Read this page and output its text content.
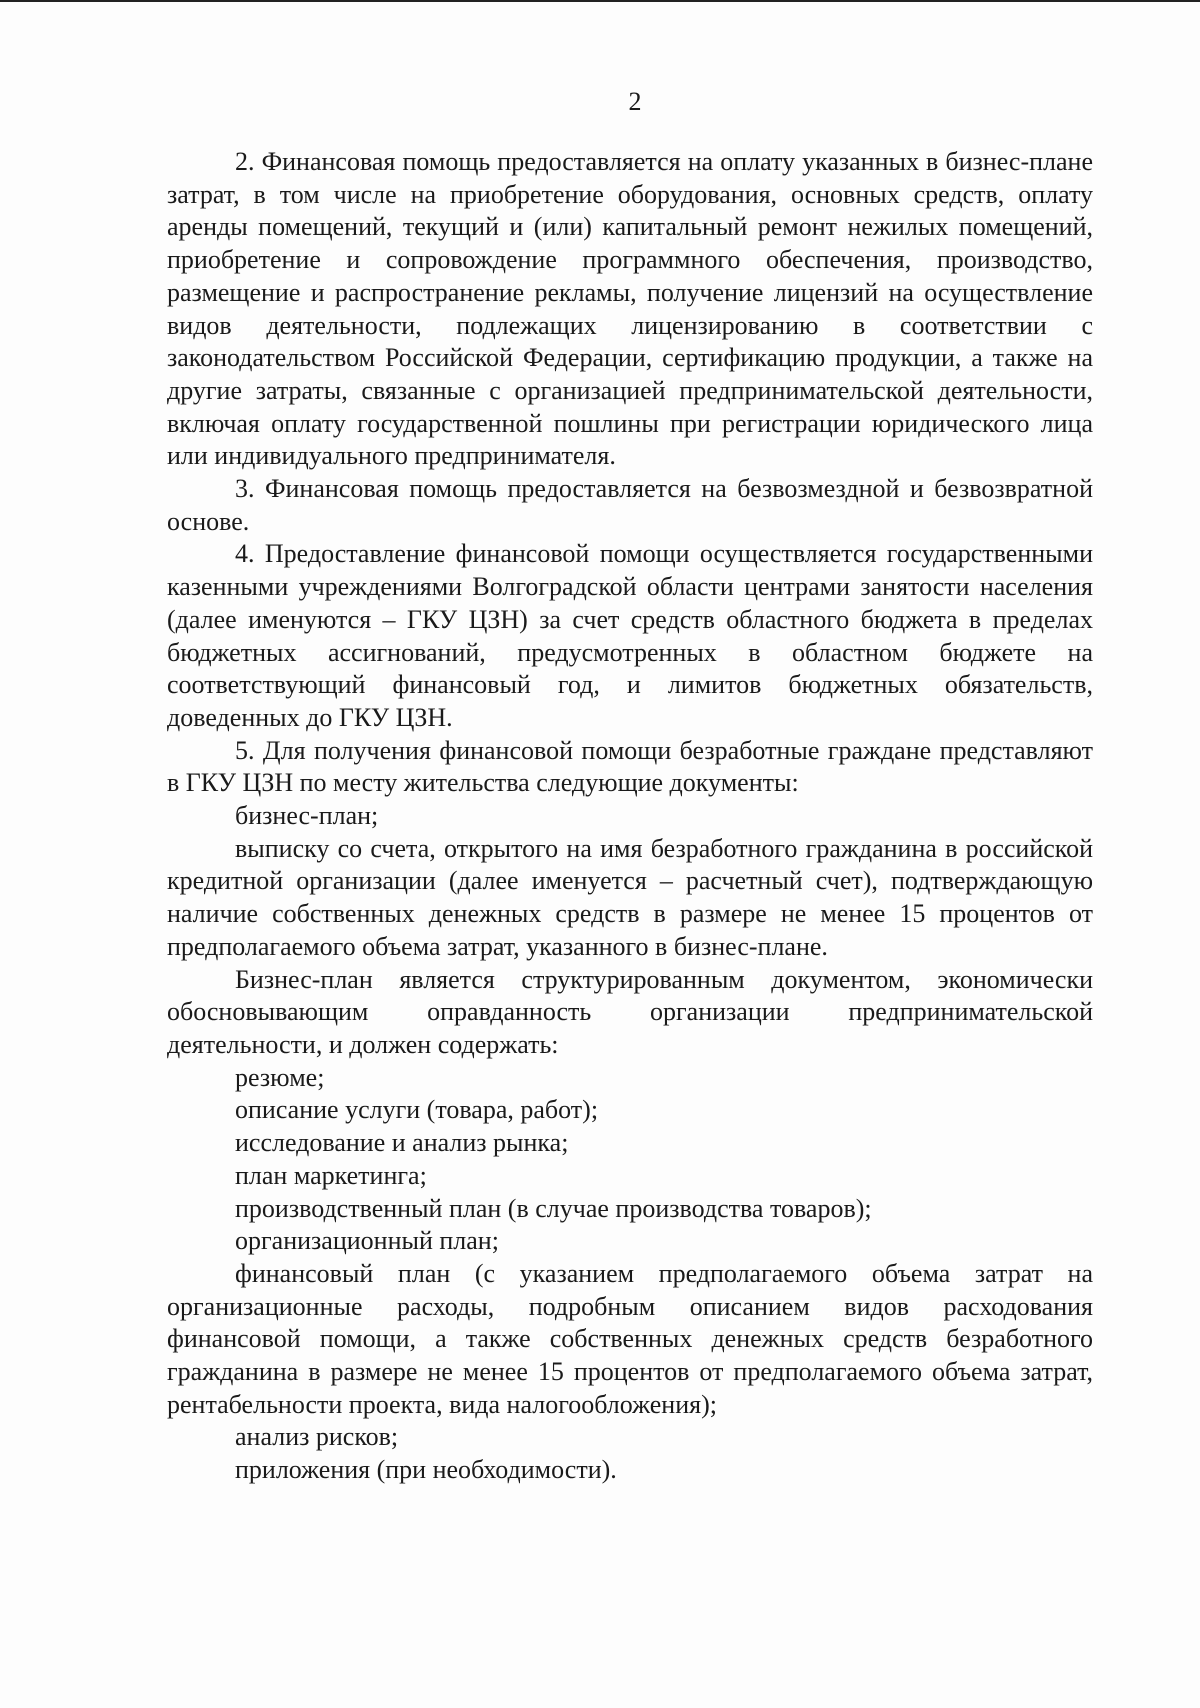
2

2. Финансовая помощь предоставляется на оплату указанных в бизнес-плане затрат, в том числе на приобретение оборудования, основных средств, оплату аренды помещений, текущий и (или) капитальный ремонт нежилых помещений, приобретение и сопровождение программного обеспечения, производство, размещение и распространение рекламы, получение лицензий на осуществление видов деятельности, подлежащих лицензированию в соответствии с законодательством Российской Федерации, сертификацию продукции, а также на другие затраты, связанные с организацией предпринимательской деятельности, включая оплату государственной пошлины при регистрации юридического лица или индивидуального предпринимателя.

3. Финансовая помощь предоставляется на безвозмездной и безвозвратной основе.

4. Предоставление финансовой помощи осуществляется государственными казенными учреждениями Волгоградской области центрами занятости населения (далее именуются – ГКУ ЦЗН) за счет средств областного бюджета в пределах бюджетных ассигнований, предусмотренных в областном бюджете на соответствующий финансовый год, и лимитов бюджетных обязательств, доведенных до ГКУ ЦЗН.

5. Для получения финансовой помощи безработные граждане представляют в ГКУ ЦЗН по месту жительства следующие документы:

бизнес-план;

выписку со счета, открытого на имя безработного гражданина в российской кредитной организации (далее именуется – расчетный счет), подтверждающую наличие собственных денежных средств в размере не менее 15 процентов от предполагаемого объема затрат, указанного в бизнес-плане.

Бизнес-план является структурированным документом, экономически обосновывающим оправданность организации предпринимательской деятельности, и должен содержать:

резюме;

описание услуги (товара, работ);

исследование и анализ рынка;

план маркетинга;

производственный план (в случае производства товаров);

организационный план;

финансовый план (с указанием предполагаемого объема затрат на организационные расходы, подробным описанием видов расходования финансовой помощи, а также собственных денежных средств безработного гражданина в размере не менее 15 процентов от предполагаемого объема затрат, рентабельности проекта, вида налогообложения);

анализ рисков;

приложения (при необходимости).
